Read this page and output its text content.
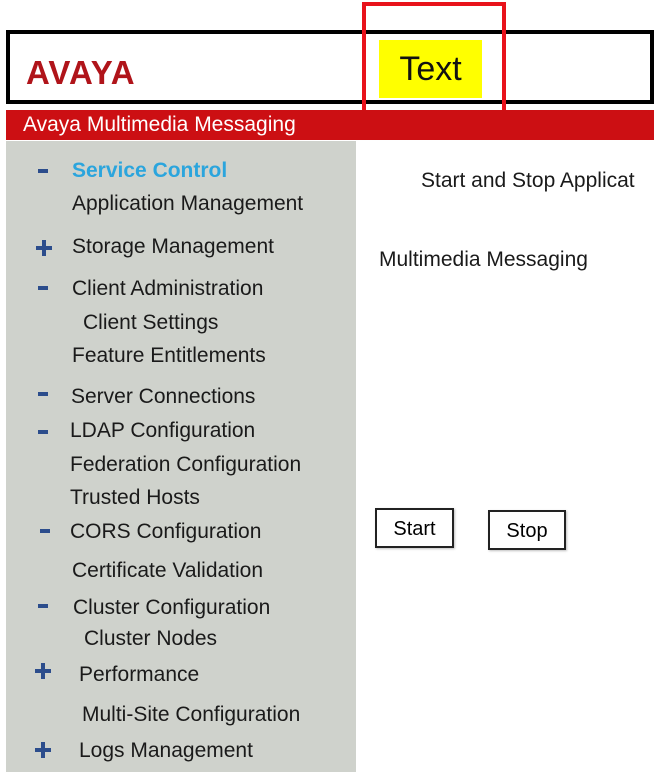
AVAYA	Text
Avaya Multimedia Messaging
Service Control
Application Management
Storage Management
Client Administration
Client Settings
Feature Entitlements
Server Connections
LDAP Configuration
Federation Configuration
Trusted Hosts
CORS Configuration
Certificate Validation
Cluster Configuration
Cluster Nodes
Performance
Multi-Site Configuration
Logs Management
Start and Stop Applicat
Multimedia Messaging
Start	Stop
